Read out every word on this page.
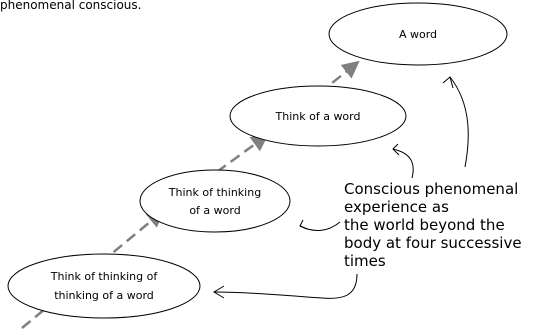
phenomenal conscious.
A word
Think of a word
Think of thinking
of a word
Think of thinking of
thinking of a word
Conscious phenomenal
experience as
the world beyond the
body at four successive
times
